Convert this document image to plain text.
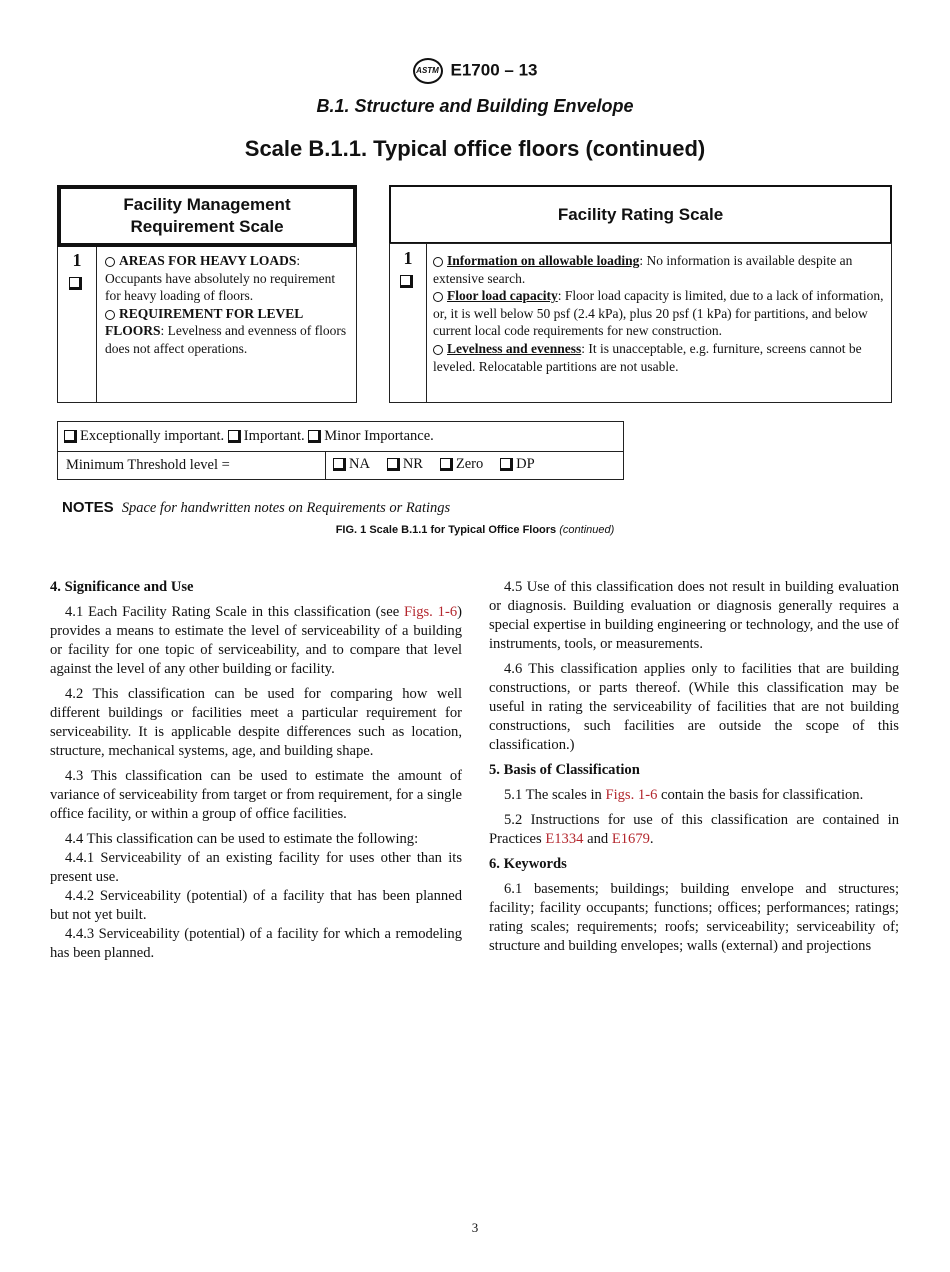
ASTM E1700 – 13
B.1. Structure and Building Envelope
Scale B.1.1. Typical office floors (continued)
1	AREAS FOR HEAVY LOADS: Occupants have absolutely no requirement for heavy loading of floors.
REQUIREMENT FOR LEVEL FLOORS: Levelness and evenness of floors does not affect operations.
Facility Management
Requirement Scale
Facility Rating Scale
1	Information on allowable loading: No information is available despite an extensive search.
Floor load capacity: Floor load capacity is limited, due to a lack of information, or, it is well below 50 psf (2.4 kPa), plus 20 psf (1 kPa) for partitions, and below current local code requirements for new construction.
Levelness and evenness: It is unacceptable, e.g. furniture, screens cannot be leveled. Relocatable partitions are not usable.
Exceptionally important. Important. Minor Importance.
Minimum Threshold level =	NA NR Zero DP
NOTES Space for handwritten notes on Requirements or Ratings
FIG. 1 Scale B.1.1 for Typical Office Floors (continued)
4. Significance and Use

4.1 Each Facility Rating Scale in this classification (see Figs. 1-6) provides a means to estimate the level of serviceability of a building or facility for one topic of serviceability, and to compare that level against the level of any other building or facility.

4.2 This classification can be used for comparing how well different buildings or facilities meet a particular requirement for serviceability. It is applicable despite differences such as location, structure, mechanical systems, age, and building shape.

4.3 This classification can be used to estimate the amount of variance of serviceability from target or from requirement, for a single office facility, or within a group of office facilities.

4.4 This classification can be used to estimate the following:

4.4.1 Serviceability of an existing facility for uses other than its present use.

4.4.2 Serviceability (potential) of a facility that has been planned but not yet built.

4.4.3 Serviceability (potential) of a facility for which a remodeling has been planned.

4.5 Use of this classification does not result in building evaluation or diagnosis. Building evaluation or diagnosis generally requires a special expertise in building engineering or technology, and the use of instruments, tools, or measurements.

4.6 This classification applies only to facilities that are building constructions, or parts thereof. (While this classification may be useful in rating the serviceability of facilities that are not building constructions, such facilities are outside the scope of this classification.)

5. Basis of Classification

5.1 The scales in Figs. 1-6 contain the basis for classification.

5.2 Instructions for use of this classification are contained in Practices E1334 and E1679.

6. Keywords

6.1 basements; buildings; building envelope and structures; facility; facility occupants; functions; offices; performances; ratings; rating scales; requirements; roofs; serviceability; serviceability of; structure and building envelopes; walls (external) and projections

3
